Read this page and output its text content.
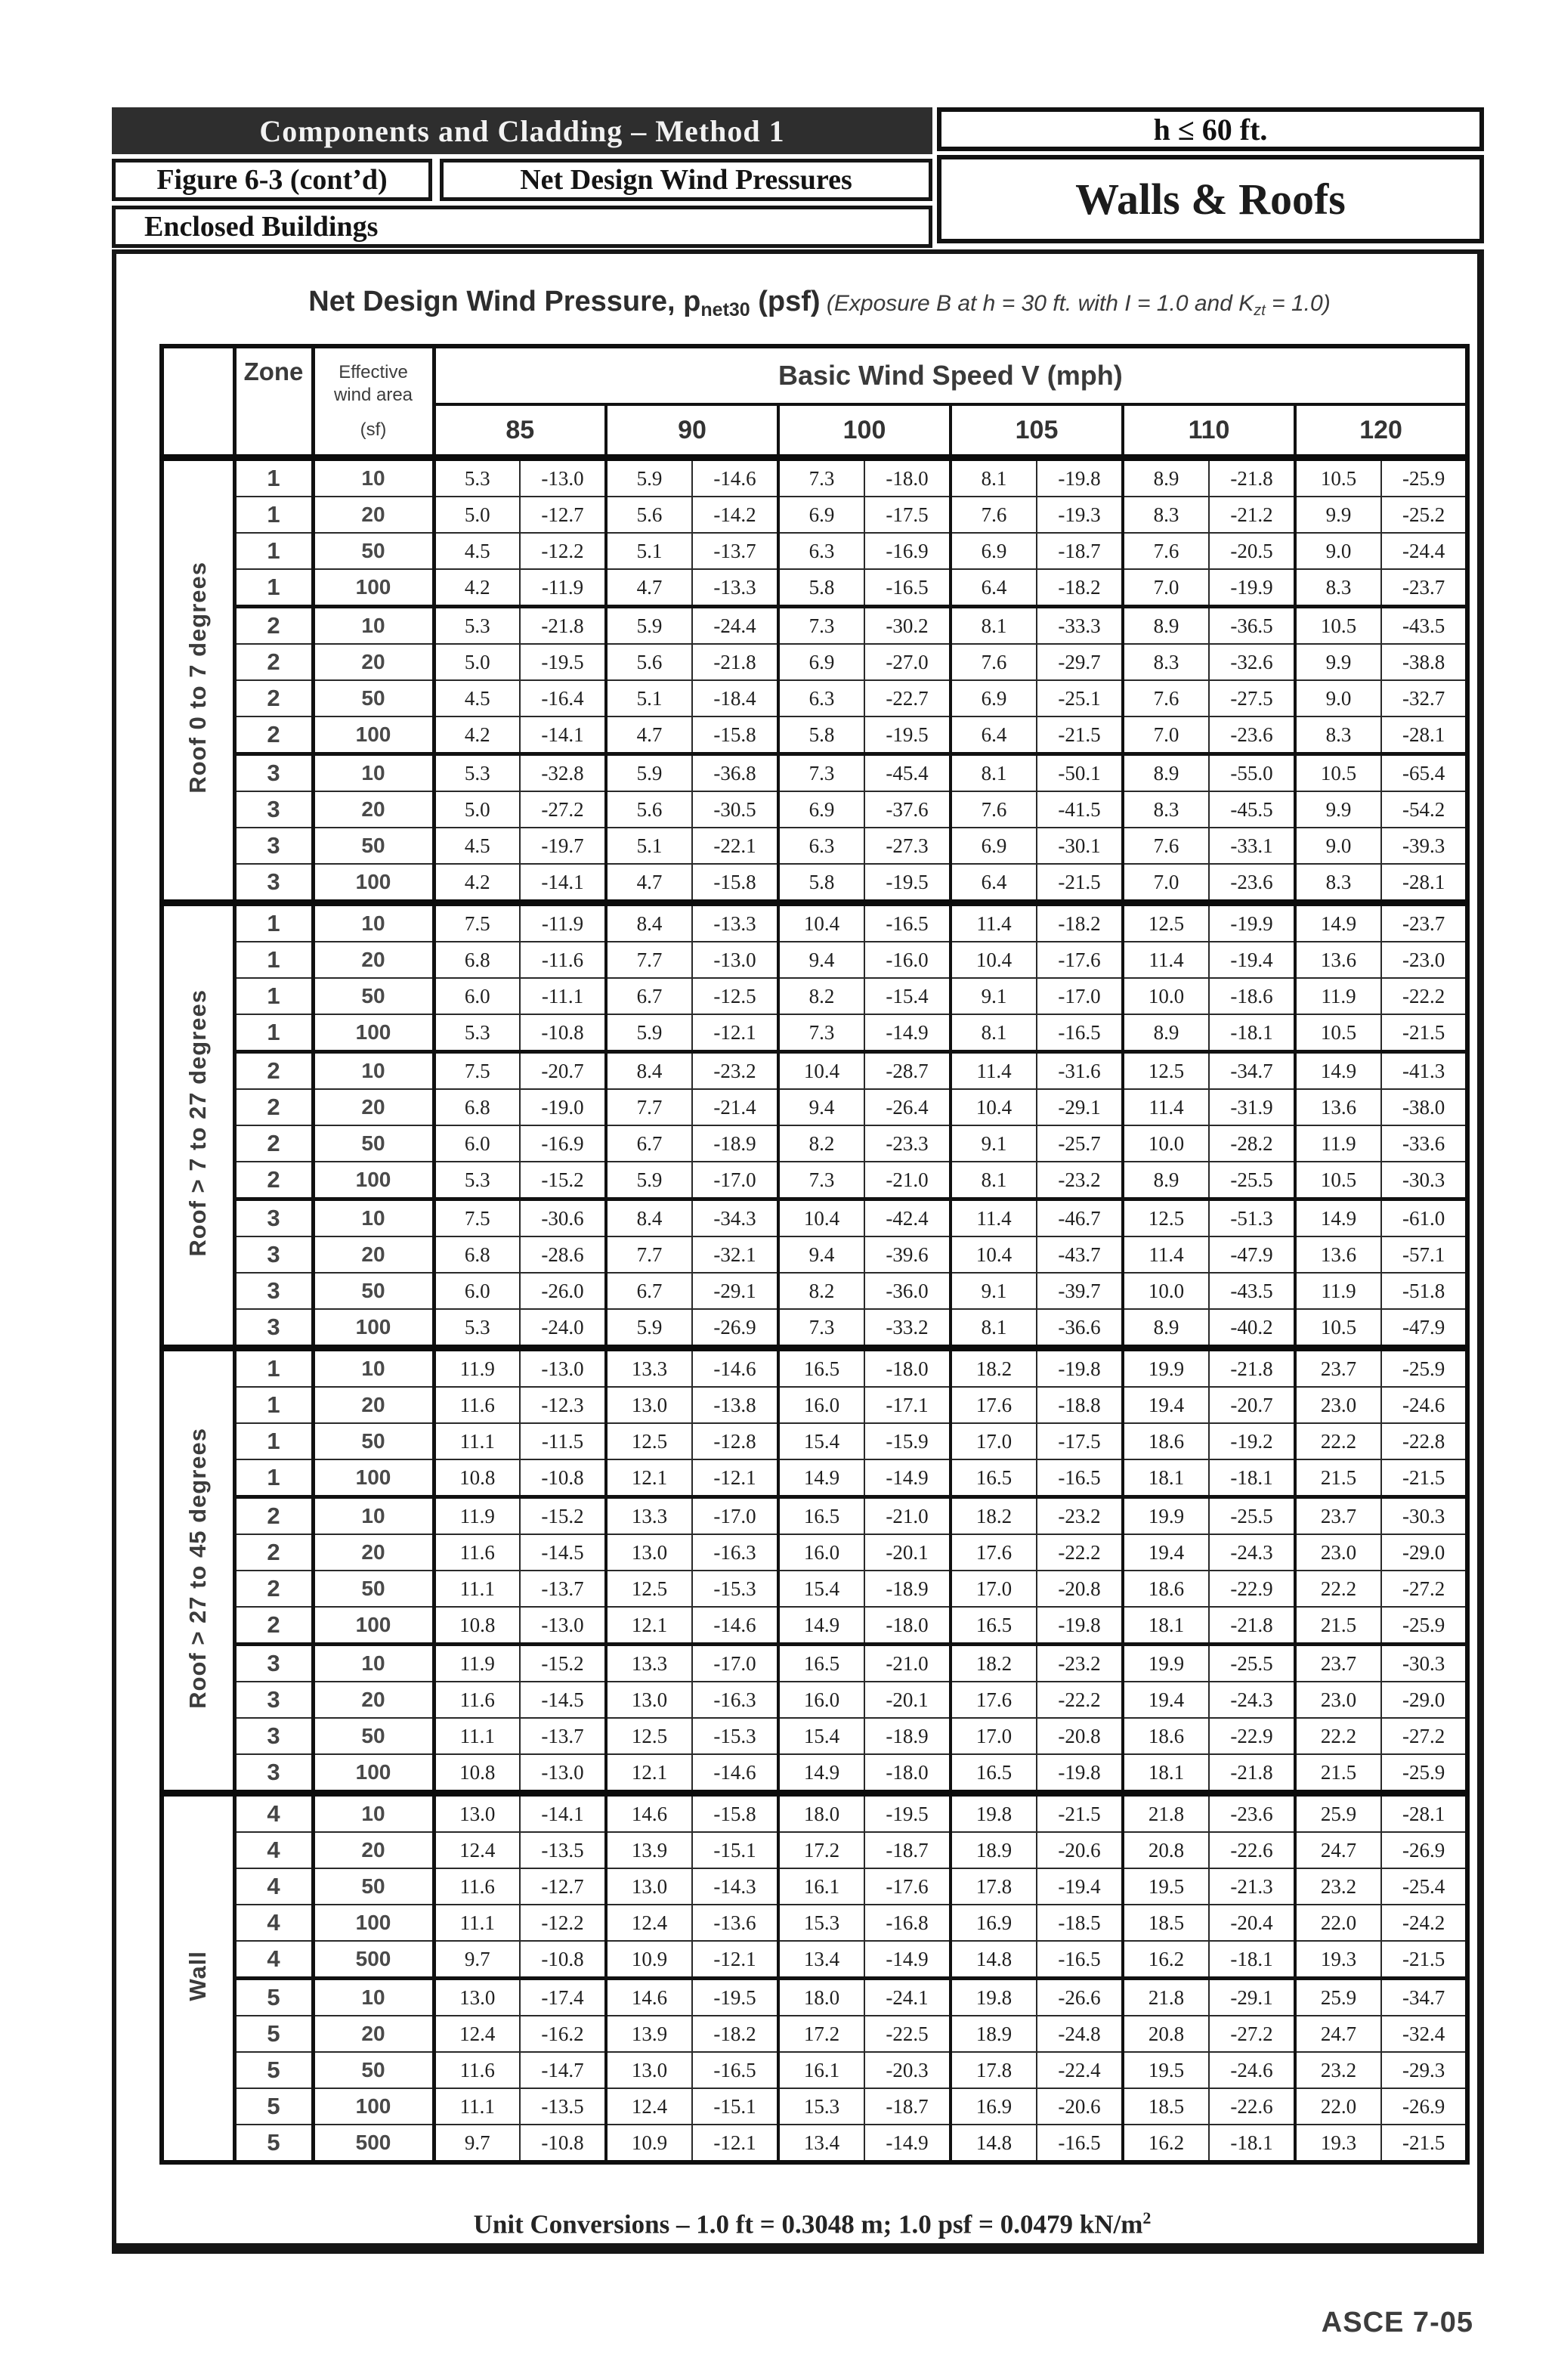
Components and Cladding – Method 1
Figure 6-3 (cont’d)	Net Design Wind Pressures
Enclosed Buildings
h ≤ 60 ft.
Walls & Roofs
Net Design Wind Pressure, pnet30 (psf) (Exposure B at h = 30 ft. with I = 1.0 and Kzt = 1.0)
	Zone	Effective
wind area
(sf)	Basic Wind Speed V (mph)											
			85		90		100		105		110		120	
Roof 0 to 7 degrees	1	10	5.3	-13.0	5.9	-14.6	7.3	-18.0	8.1	-19.8	8.9	-21.8	10.5	-25.9
	1	20	5.0	-12.7	5.6	-14.2	6.9	-17.5	7.6	-19.3	8.3	-21.2	9.9	-25.2
	1	50	4.5	-12.2	5.1	-13.7	6.3	-16.9	6.9	-18.7	7.6	-20.5	9.0	-24.4
	1	100	4.2	-11.9	4.7	-13.3	5.8	-16.5	6.4	-18.2	7.0	-19.9	8.3	-23.7
	2	10	5.3	-21.8	5.9	-24.4	7.3	-30.2	8.1	-33.3	8.9	-36.5	10.5	-43.5
	2	20	5.0	-19.5	5.6	-21.8	6.9	-27.0	7.6	-29.7	8.3	-32.6	9.9	-38.8
	2	50	4.5	-16.4	5.1	-18.4	6.3	-22.7	6.9	-25.1	7.6	-27.5	9.0	-32.7
	2	100	4.2	-14.1	4.7	-15.8	5.8	-19.5	6.4	-21.5	7.0	-23.6	8.3	-28.1
	3	10	5.3	-32.8	5.9	-36.8	7.3	-45.4	8.1	-50.1	8.9	-55.0	10.5	-65.4
	3	20	5.0	-27.2	5.6	-30.5	6.9	-37.6	7.6	-41.5	8.3	-45.5	9.9	-54.2
	3	50	4.5	-19.7	5.1	-22.1	6.3	-27.3	6.9	-30.1	7.6	-33.1	9.0	-39.3
	3	100	4.2	-14.1	4.7	-15.8	5.8	-19.5	6.4	-21.5	7.0	-23.6	8.3	-28.1
Roof > 7 to 27 degrees	1	10	7.5	-11.9	8.4	-13.3	10.4	-16.5	11.4	-18.2	12.5	-19.9	14.9	-23.7
	1	20	6.8	-11.6	7.7	-13.0	9.4	-16.0	10.4	-17.6	11.4	-19.4	13.6	-23.0
	1	50	6.0	-11.1	6.7	-12.5	8.2	-15.4	9.1	-17.0	10.0	-18.6	11.9	-22.2
	1	100	5.3	-10.8	5.9	-12.1	7.3	-14.9	8.1	-16.5	8.9	-18.1	10.5	-21.5
	2	10	7.5	-20.7	8.4	-23.2	10.4	-28.7	11.4	-31.6	12.5	-34.7	14.9	-41.3
	2	20	6.8	-19.0	7.7	-21.4	9.4	-26.4	10.4	-29.1	11.4	-31.9	13.6	-38.0
	2	50	6.0	-16.9	6.7	-18.9	8.2	-23.3	9.1	-25.7	10.0	-28.2	11.9	-33.6
	2	100	5.3	-15.2	5.9	-17.0	7.3	-21.0	8.1	-23.2	8.9	-25.5	10.5	-30.3
	3	10	7.5	-30.6	8.4	-34.3	10.4	-42.4	11.4	-46.7	12.5	-51.3	14.9	-61.0
	3	20	6.8	-28.6	7.7	-32.1	9.4	-39.6	10.4	-43.7	11.4	-47.9	13.6	-57.1
	3	50	6.0	-26.0	6.7	-29.1	8.2	-36.0	9.1	-39.7	10.0	-43.5	11.9	-51.8
	3	100	5.3	-24.0	5.9	-26.9	7.3	-33.2	8.1	-36.6	8.9	-40.2	10.5	-47.9
Roof > 27 to 45 degrees	1	10	11.9	-13.0	13.3	-14.6	16.5	-18.0	18.2	-19.8	19.9	-21.8	23.7	-25.9
	1	20	11.6	-12.3	13.0	-13.8	16.0	-17.1	17.6	-18.8	19.4	-20.7	23.0	-24.6
	1	50	11.1	-11.5	12.5	-12.8	15.4	-15.9	17.0	-17.5	18.6	-19.2	22.2	-22.8
	1	100	10.8	-10.8	12.1	-12.1	14.9	-14.9	16.5	-16.5	18.1	-18.1	21.5	-21.5
	2	10	11.9	-15.2	13.3	-17.0	16.5	-21.0	18.2	-23.2	19.9	-25.5	23.7	-30.3
	2	20	11.6	-14.5	13.0	-16.3	16.0	-20.1	17.6	-22.2	19.4	-24.3	23.0	-29.0
	2	50	11.1	-13.7	12.5	-15.3	15.4	-18.9	17.0	-20.8	18.6	-22.9	22.2	-27.2
	2	100	10.8	-13.0	12.1	-14.6	14.9	-18.0	16.5	-19.8	18.1	-21.8	21.5	-25.9
	3	10	11.9	-15.2	13.3	-17.0	16.5	-21.0	18.2	-23.2	19.9	-25.5	23.7	-30.3
	3	20	11.6	-14.5	13.0	-16.3	16.0	-20.1	17.6	-22.2	19.4	-24.3	23.0	-29.0
	3	50	11.1	-13.7	12.5	-15.3	15.4	-18.9	17.0	-20.8	18.6	-22.9	22.2	-27.2
	3	100	10.8	-13.0	12.1	-14.6	14.9	-18.0	16.5	-19.8	18.1	-21.8	21.5	-25.9
Wall	4	10	13.0	-14.1	14.6	-15.8	18.0	-19.5	19.8	-21.5	21.8	-23.6	25.9	-28.1
	4	20	12.4	-13.5	13.9	-15.1	17.2	-18.7	18.9	-20.6	20.8	-22.6	24.7	-26.9
	4	50	11.6	-12.7	13.0	-14.3	16.1	-17.6	17.8	-19.4	19.5	-21.3	23.2	-25.4
	4	100	11.1	-12.2	12.4	-13.6	15.3	-16.8	16.9	-18.5	18.5	-20.4	22.0	-24.2
	4	500	9.7	-10.8	10.9	-12.1	13.4	-14.9	14.8	-16.5	16.2	-18.1	19.3	-21.5
	5	10	13.0	-17.4	14.6	-19.5	18.0	-24.1	19.8	-26.6	21.8	-29.1	25.9	-34.7
	5	20	12.4	-16.2	13.9	-18.2	17.2	-22.5	18.9	-24.8	20.8	-27.2	24.7	-32.4
	5	50	11.6	-14.7	13.0	-16.5	16.1	-20.3	17.8	-22.4	19.5	-24.6	23.2	-29.3
	5	100	11.1	-13.5	12.4	-15.1	15.3	-18.7	16.9	-20.6	18.5	-22.6	22.0	-26.9
	5	500	9.7	-10.8	10.9	-12.1	13.4	-14.9	14.8	-16.5	16.2	-18.1	19.3	-21.5
Unit Conversions – 1.0 ft = 0.3048 m; 1.0 psf = 0.0479 $kN/m^2$
ASCE 7-05
